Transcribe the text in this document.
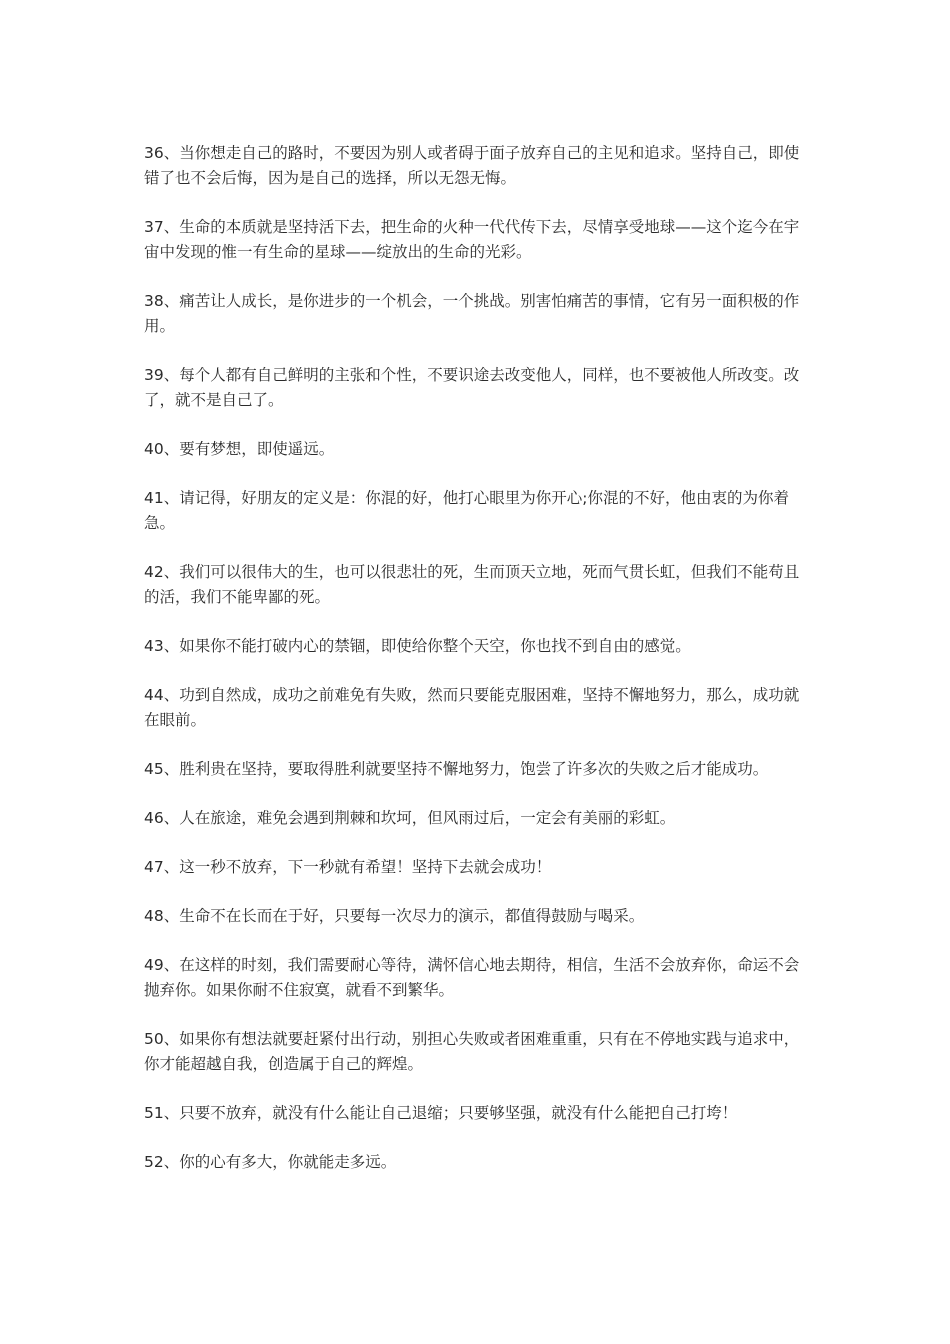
36、当你想走自己的路时，不要因为别人或者碍于面子放弃自己的主见和追求。坚持自己，即使错了也不会后悔，因为是自己的选择，所以无怨无悔。

37、生命的本质就是坚持活下去，把生命的火种一代代传下去，尽情享受地球——这个迄今在宇宙中发现的惟一有生命的星球——绽放出的生命的光彩。

38、痛苦让人成长，是你进步的一个机会，一个挑战。别害怕痛苦的事情，它有另一面积极的作用。

39、每个人都有自己鲜明的主张和个性，不要识途去改变他人，同样，也不要被他人所改变。改了，就不是自己了。

40、要有梦想，即使遥远。

41、请记得，好朋友的定义是：你混的好，他打心眼里为你开心;你混的不好，他由衷的为你着急。

42、我们可以很伟大的生，也可以很悲壮的死，生而顶天立地，死而气贯长虹，但我们不能苟且的活，我们不能卑鄙的死。

43、如果你不能打破内心的禁锢，即使给你整个天空，你也找不到自由的感觉。

44、功到自然成，成功之前难免有失败，然而只要能克服困难，坚持不懈地努力，那么，成功就在眼前。

45、胜利贵在坚持，要取得胜利就要坚持不懈地努力，饱尝了许多次的失败之后才能成功。

46、人在旅途，难免会遇到荆棘和坎坷，但风雨过后，一定会有美丽的彩虹。

47、这一秒不放弃，下一秒就有希望！坚持下去就会成功！

48、生命不在长而在于好，只要每一次尽力的演示，都值得鼓励与喝采。

49、在这样的时刻，我们需要耐心等待，满怀信心地去期待，相信，生活不会放弃你，命运不会抛弃你。如果你耐不住寂寞，就看不到繁华。

50、如果你有想法就要赶紧付出行动，别担心失败或者困难重重，只有在不停地实践与追求中，你才能超越自我，创造属于自己的辉煌。

51、只要不放弃，就没有什么能让自己退缩；只要够坚强，就没有什么能把自己打垮！

52、你的心有多大，你就能走多远。
